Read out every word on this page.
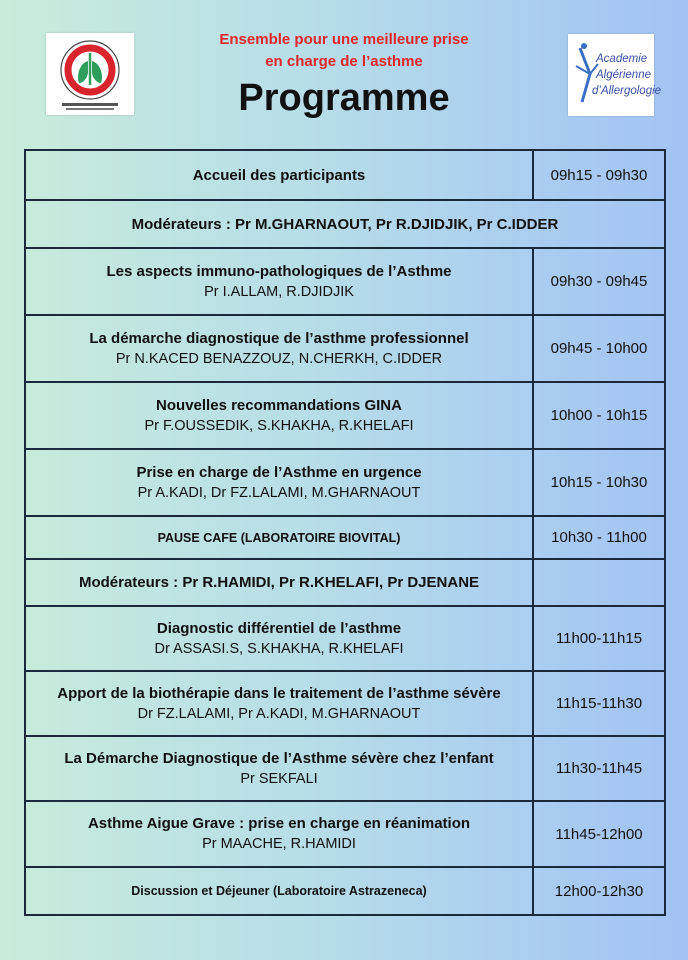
Ensemble pour une meilleure prise
en charge de l’asthme
Programme
Academie
Algérienne
d’Allergologie
Accueil des participants	09h15 - 09h30
Modérateurs : Pr M.GHARNAOUT, Pr R.DJIDJIK, Pr C.IDDER	

Les aspects immuno-pathologiques de l’Asthme
Pr I.ALLAM, R.DJIDJIK	09h30 - 09h45

La démarche diagnostique de l’asthme professionnel
Pr N.KACED BENAZZOUZ, N.CHERKH, C.IDDER	09h45 - 10h00

Nouvelles recommandations GINA
Pr F.OUSSEDIK, S.KHAKHA, R.KHELAFI	10h00 - 10h15

Prise en charge de l’Asthme en urgence
Pr A.KADI, Dr FZ.LALAMI, M.GHARNAOUT	10h15 - 10h30
PAUSE CAFE (LABORATOIRE BIOVITAL)	10h30 - 11h00
Modérateurs : Pr R.HAMIDI, Pr R.KHELAFI, Pr DJENANE	

Diagnostic différentiel de l’asthme
Dr ASSASI.S, S.KHAKHA, R.KHELAFI	11h00-11h15

Apport de la biothérapie dans le traitement de l’asthme sévère
Dr FZ.LALAMI, Pr A.KADI, M.GHARNAOUT	11h15-11h30

La Démarche Diagnostique de l’Asthme sévère chez l’enfant
Pr SEKFALI	11h30-11h45

Asthme Aigue Grave : prise en charge en réanimation
Pr MAACHE, R.HAMIDI	11h45-12h00
Discussion et Déjeuner (Laboratoire Astrazeneca)	12h00-12h30
